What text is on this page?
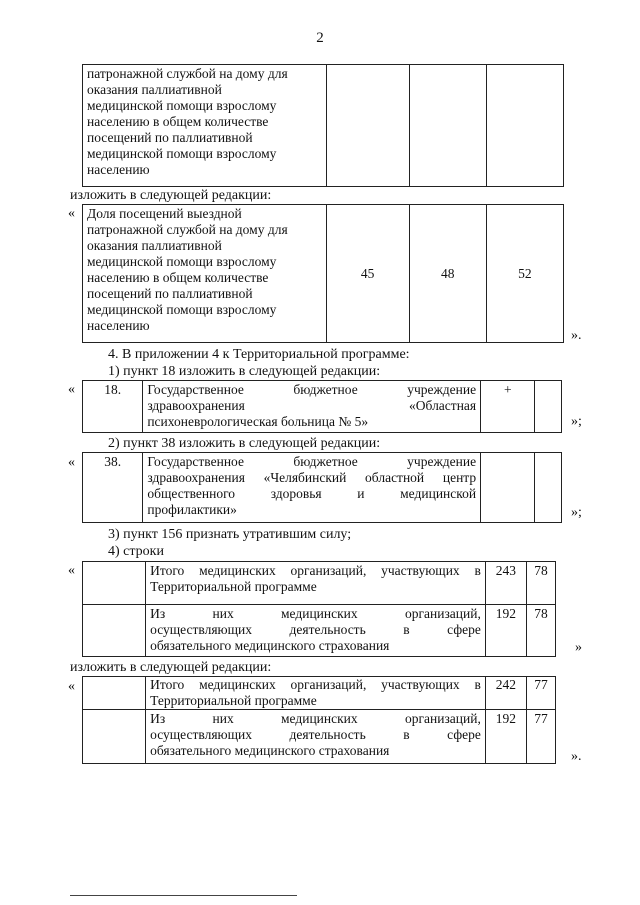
2
патронажной службой на дому для
оказания паллиативной
медицинской помощи взрослому
населению в общем количестве
посещений по паллиативной
медицинской помощи взрослому
населению

изложить в следующей редакции:
« Доля посещений выездной
патронажной службой на дому для
оказания паллиативной
медицинской помощи взрослому
населению в общем количестве
посещений по паллиативной
медицинской помощи взрослому
населению
	45	48	52
».
4. В приложении 4 к Территориальной программе:
1) пункт 18 изложить в следующей редакции:
« 18.	Государственное бюджетное учреждение
здравоохранения «Областная
психоневрологическая больница № 5»
	+	
»;
2) пункт 38 изложить в следующей редакции:
« 38.	Государственное бюджетное учреждение
здравоохранения «Челябинский областной центр
общественного здоровья и медицинской
профилактики»
			»;
3) пункт 156 признать утратившим силу;
4) строки
«

	Итого медицинских организаций, участвующих в
Территориальной программе	243	78

	Из них медицинских организаций,
осуществляющих деятельность в сфере
обязательного медицинского страхования	192	78
»
изложить в следующей редакции:
«

	Итого медицинских организаций, участвующих в
Территориальной программе	242	77

	Из них медицинских организаций,
осуществляющих деятельность в сфере
обязательного медицинского страхования	192	77
».
